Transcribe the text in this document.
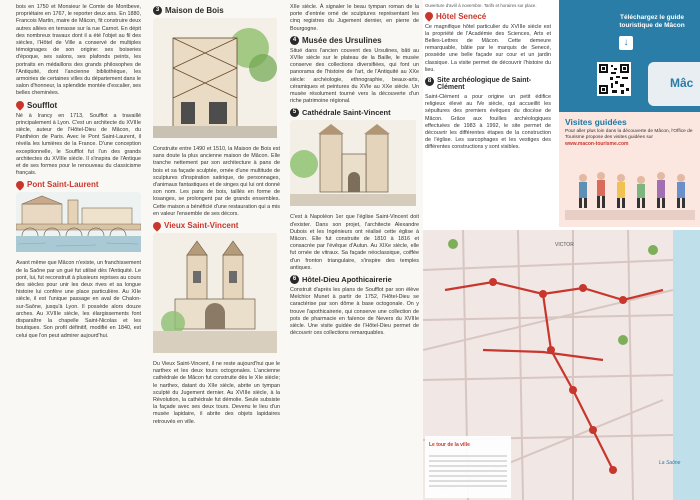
bois en 1750 et Monsieur le Comte de Montbeve, propriétaire en 1767, le reporter deux ans. En 1880, Francois Martin, maire de Mâcon, fit construire deux autres allées en terrasse sur la rue Carnot. En dépit des nombreux travaux dont il a été l'objet au fil des siècles, l'Hôtel de Ville a conservé de multiples témoignages de son origine: ses boiseries d'époque, ses salons, ses plafonds peints, les portraits en médaillons des grands philosophes de l'Antiquité, dont l'ancienne bibliothèque, les armoiries de certaines villes du département dans le salon d'honneur, la splendide montée d'escalier, ses belles cheminées.

Soufflot

Né à Irancy en 1713, Soufflot a travaillé principalement à Lyon. C'est un architecte du XVIIIe siècle, auteur de l'Hôtel-Dieu de Mâcon, du Panthéon de Paris. Avec le Pont Saint-Laurent, il révéla les lumières de la France. D'une conception exceptionnelle, le Soufflot fut l'un des grands architectes du XVIIIe siècle. Il s'inspira de l'Antique et de ses formes pour le renouveau du classicisme français.

Pont Saint-Laurent

Avant même que Mâcon n'existe, un franchissement de la Saône par un gué fut utilisé dès l'Antiquité. Le pont, lui, fut reconstruit à plusieurs reprises au cours des siècles pour unir les deux rives et sa longue histoire lui confère une place particulière. Au XIIe siècle, il est l'unique passage en aval de Chalon-sur-Saône, jusqu'à Lyon. Il possède alors douze arches. Au XVIIIe siècle, les élargissements font disparaître la chapelle Saint-Nicolas et les boutiques. Son profil définitif, modifié en 1840, est celui que l'on peut admirer aujourd'hui.

3 Maison de Bois

Construite entre 1490 et 1510, la Maison de Bois est sans doute la plus ancienne maison de Mâcon. Elle tranche nettement par son architecture à pans de bois et sa façade sculptée, ornée d'une multitude de sculptures d'inspiration satirique, de personnages, d'animaux fantastiques et de singes qui lui ont donné son nom. Les pans de bois, taillés en forme de losanges, se prolongent par de grands ensembles. Cette maison a bénéficié d'une restauration qui a mis en valeur l'ensemble de ses décors.

Vieux Saint-Vincent

Du Vieux Saint-Vincent, il ne reste aujourd'hui que le narthex et les deux tours octogonales. L'ancienne cathédrale de Mâcon fut construite dès le XIe siècle; le narthex, datant du XIIe siècle, abrite un tympan sculpté du Jugement dernier. Au XVIIIe siècle, à la Révolution, la cathédrale fut démolie. Seule subsiste la façade avec ses deux tours. Devenu le lieu d'un musée lapidaire, il abrite des objets lapidaires retrouvés en ville.

XIIe siècle. À signaler le beau tympan roman de la porte d'entrée orné de sculptures représentant les cinq registres du Jugement dernier, en pierre de Bourgogne.

4 Musée des Ursulines

Situé dans l'ancien couvent des Ursulines, bâti au XVIIe siècle sur le plateau de la Baille, le musée conserve des collections diversifiées, qui font un panorama de l'histoire de l'art, de l'Antiquité au XXe siècle: archéologie, ethnographie, beaux-arts, céramiques et peintures du XVIe au XXe siècle. Un musée résolument tourné vers la découverte d'un riche patrimoine régional.

5 Cathédrale Saint-Vincent

C'est à Napoléon 1er que l'église Saint-Vincent doit d'exister. Dans son projet, l'architecte Alexandre Dubois et les Ingénieurs ont réalisé cette église à Mâcon. Elle fut construite de 1810 à 1816 et consacrée par l'évêque d'Autun. Au XIXe siècle, elle fut ornée de vitraux. Sa façade néoclassique, coiffée d'un fronton triangulaire, s'inspire des temples antiques.

6 Hôtel-Dieu Apothicairerie

Construit d'après les plans de Soufflot par son élève Melchior Munet à partir de 1752, l'Hôtel-Dieu se caractérise par son dôme à base octogonale. On y trouve l'apothicairerie, qui conserve une collection de pots de pharmacie en faïence de Nevers du XVIIIe siècle. Une visite guidée de l'Hôtel-Dieu permet de découvrir ces collections remarquables.

Ouverture d'avril à novembre. Tarifs et horaires sur place.

Hôtel Senecé

Ce magnifique hôtel particulier du XVIIIe siècle est la propriété de l'Académie des Sciences, Arts et Belles-Lettres de Mâcon. Cette demeure remarquable, bâtie par le marquis de Senecé, possède une belle façade sur cour et un jardin classique. La visite permet de découvrir l'histoire du lieu.

8 Site archéologique de Saint-Clément

Saint-Clément a pour origine un petit édifice religieux élevé au IVe siècle, qui accueillit les sépultures des premiers évêques du diocèse de Mâcon. Grâce aux fouilles archéologiques effectuées de 1983 à 1992, le site permet de découvrir les différentes étapes de la construction de l'église. Les sarcophages et les vestiges des différentes constructions y sont visibles.

Téléchargez le guide touristique de Mâcon
↓
Mâc
Visites guidées
Pour aller plus loin dans la découverte de Mâcon, l'Office de Tourisme propose des visites guidées sur
www.macon-tourisme.com
VICTOR
La Saône
Le tour de la ville
